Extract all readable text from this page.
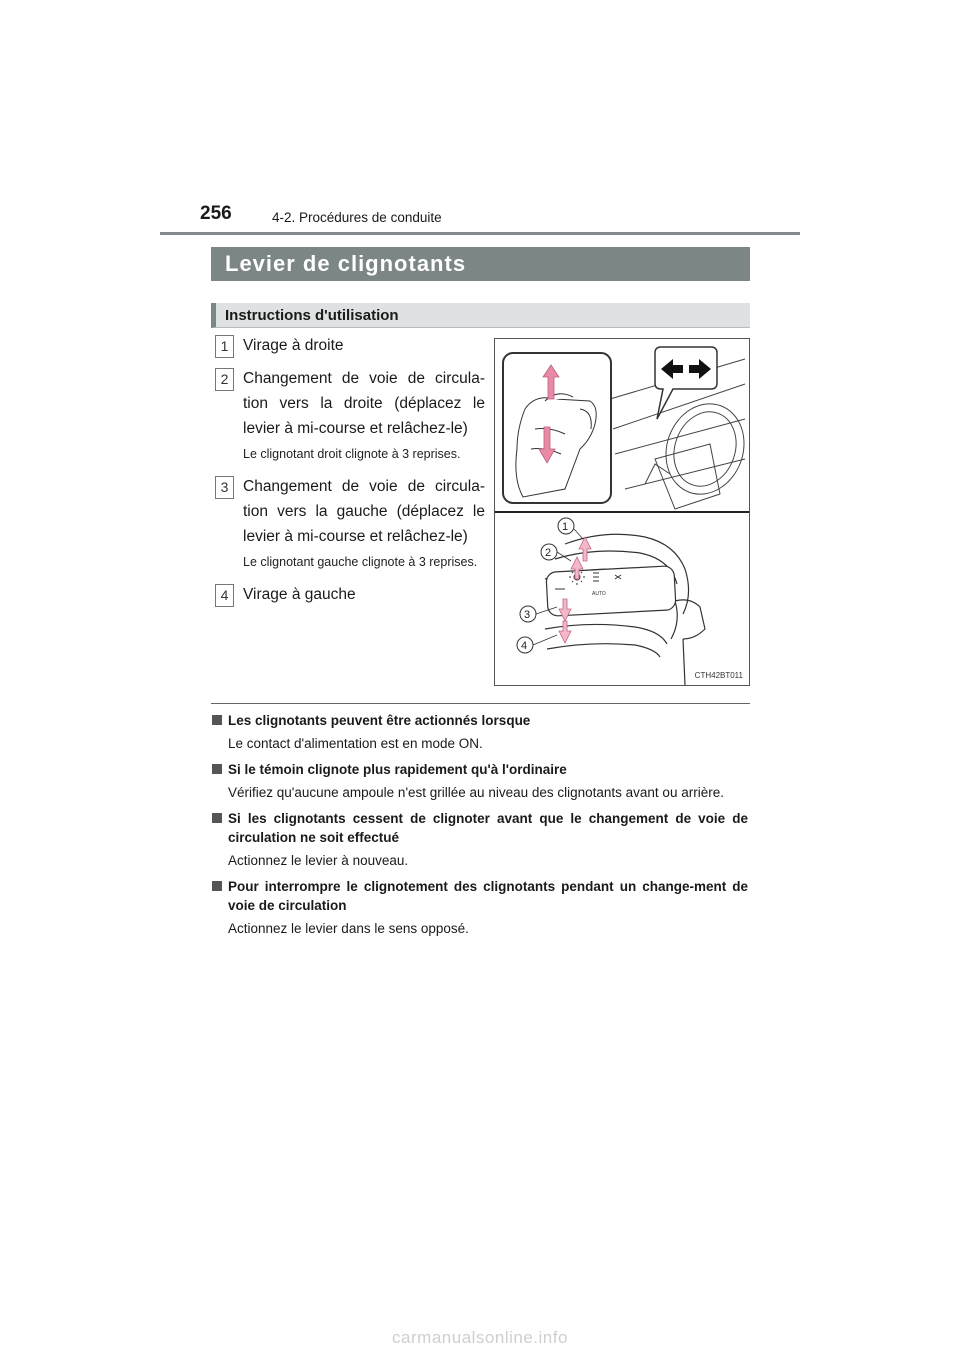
256	4-2. Procédures de conduite
Levier de clignotants
Instructions d'utilisation
1 Virage à droite
2 Changement de voie de circula-tion vers la droite (déplacez le levier à mi-course et relâchez-le)
Le clignotant droit clignote à 3 reprises.
3 Changement de voie de circula-tion vers la gauche (déplacez le levier à mi-course et relâchez-le)
Le clignotant gauche clignote à 3 reprises.
4 Virage à gauche	AUTO
1
2
3
4
CTH42BT011
Les clignotants peuvent être actionnés lorsque
Le contact d'alimentation est en mode ON.
Si le témoin clignote plus rapidement qu'à l'ordinaire
Vérifiez qu'aucune ampoule n'est grillée au niveau des clignotants avant ou arrière.
Si les clignotants cessent de clignoter avant que le changement de voie de circulation ne soit effectué
Actionnez le levier à nouveau.
Pour interrompre le clignotement des clignotants pendant un change-ment de voie de circulation
Actionnez le levier dans le sens opposé.
carmanualsonline.info
